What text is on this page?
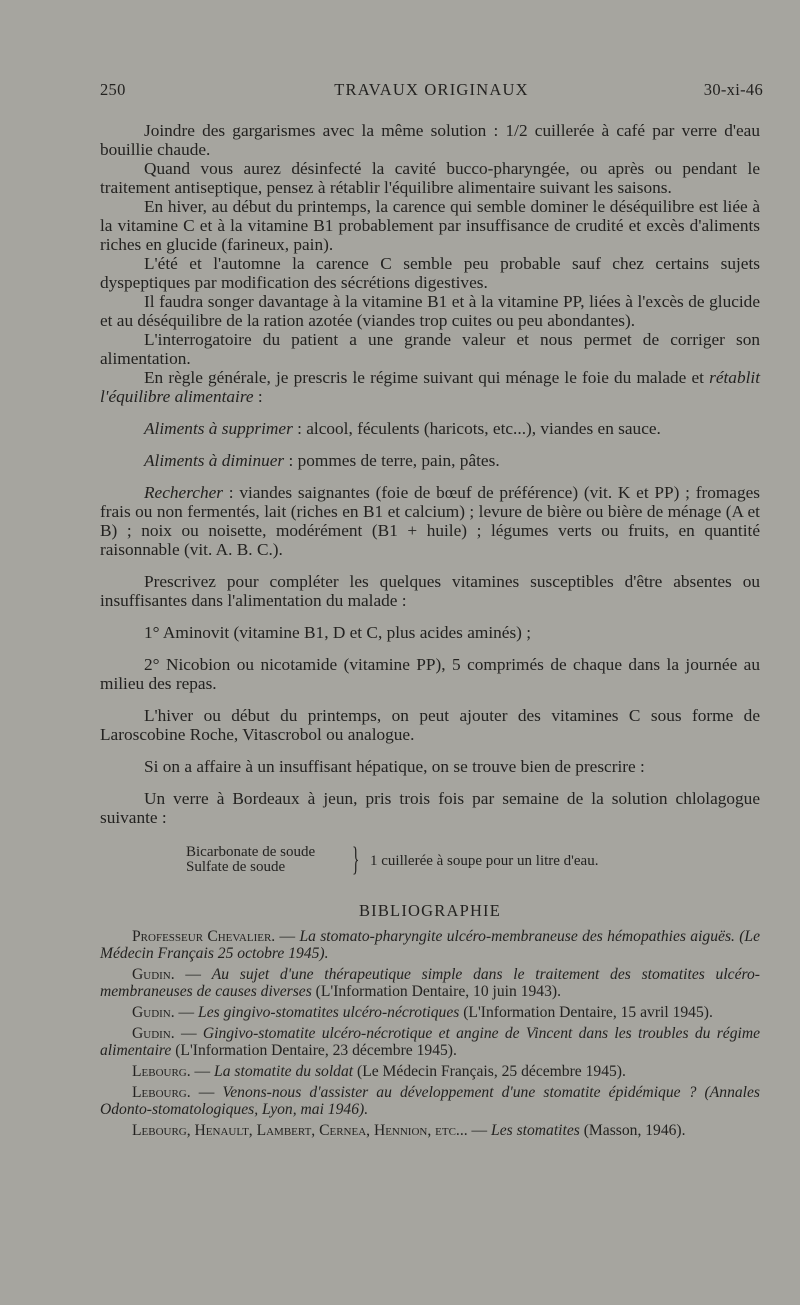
250	TRAVAUX ORIGINAUX	30-xi-46

Joindre des gargarismes avec la même solution : 1/2 cuillerée à café par verre d'eau bouillie chaude.

Quand vous aurez désinfecté la cavité bucco-pharyngée, ou après ou pendant le traitement antiseptique, pensez à rétablir l'équilibre alimentaire suivant les saisons.

En hiver, au début du printemps, la carence qui semble dominer le déséquilibre est liée à la vitamine C et à la vitamine B1 probablement par insuffisance de crudité et excès d'aliments riches en glucide (farineux, pain).

L'été et l'automne la carence C semble peu probable sauf chez certains sujets dyspeptiques par modification des sécrétions digestives.

Il faudra songer davantage à la vitamine B1 et à la vitamine PP, liées à l'excès de glucide et au déséquilibre de la ration azotée (viandes trop cuites ou peu abondantes).

L'interrogatoire du patient a une grande valeur et nous permet de corriger son alimentation.

En règle générale, je prescris le régime suivant qui ménage le foie du malade et rétablit l'équilibre alimentaire :

Aliments à supprimer : alcool, féculents (haricots, etc...), viandes en sauce.

Aliments à diminuer : pommes de terre, pain, pâtes.

Rechercher : viandes saignantes (foie de bœuf de préférence) (vit. K et PP) ; fromages frais ou non fermentés, lait (riches en B1 et calcium) ; levure de bière ou bière de ménage (A et B) ; noix ou noisette, modérément (B1 + huile) ; légumes verts ou fruits, en quantité raisonnable (vit. A. B. C.).

Prescrivez pour compléter les quelques vitamines susceptibles d'être absentes ou insuffisantes dans l'alimentation du malade :

1° Aminovit (vitamine B1, D et C, plus acides aminés) ;

2° Nicobion ou nicotamide (vitamine PP), 5 comprimés de chaque dans la journée au milieu des repas.

L'hiver ou début du printemps, on peut ajouter des vitamines C sous forme de Laroscobine Roche, Vitascrobol ou analogue.

Si on a affaire à un insuffisant hépatique, on se trouve bien de prescrire :

Un verre à Bordeaux à jeun, pris trois fois par semaine de la solution chlolagogue suivante :

Bicarbonate de soude
Sulfate de soude	} 1 cuillerée à soupe pour un litre d'eau.
BIBLIOGRAPHIE

Professeur Chevalier. — La stomato-pharyngite ulcéro-membraneuse des hémopathies aiguës. (Le Médecin Français 25 octobre 1945).

Gudin. — Au sujet d'une thérapeutique simple dans le traitement des stomatites ulcéro-membraneuses de causes diverses (L'Information Dentaire, 10 juin 1943).

Gudin. — Les gingivo-stomatites ulcéro-nécrotiques (L'Information Dentaire, 15 avril 1945).

Gudin. — Gingivo-stomatite ulcéro-nécrotique et angine de Vincent dans les troubles du régime alimentaire (L'Information Dentaire, 23 décembre 1945).

Lebourg. — La stomatite du soldat (Le Médecin Français, 25 décembre 1945).

Lebourg. — Venons-nous d'assister au développement d'une stomatite épidémique ? (Annales Odonto-stomatologiques, Lyon, mai 1946).

Lebourg, Henault, Lambert, Cernea, Hennion, etc... — Les stomatites (Masson, 1946).
